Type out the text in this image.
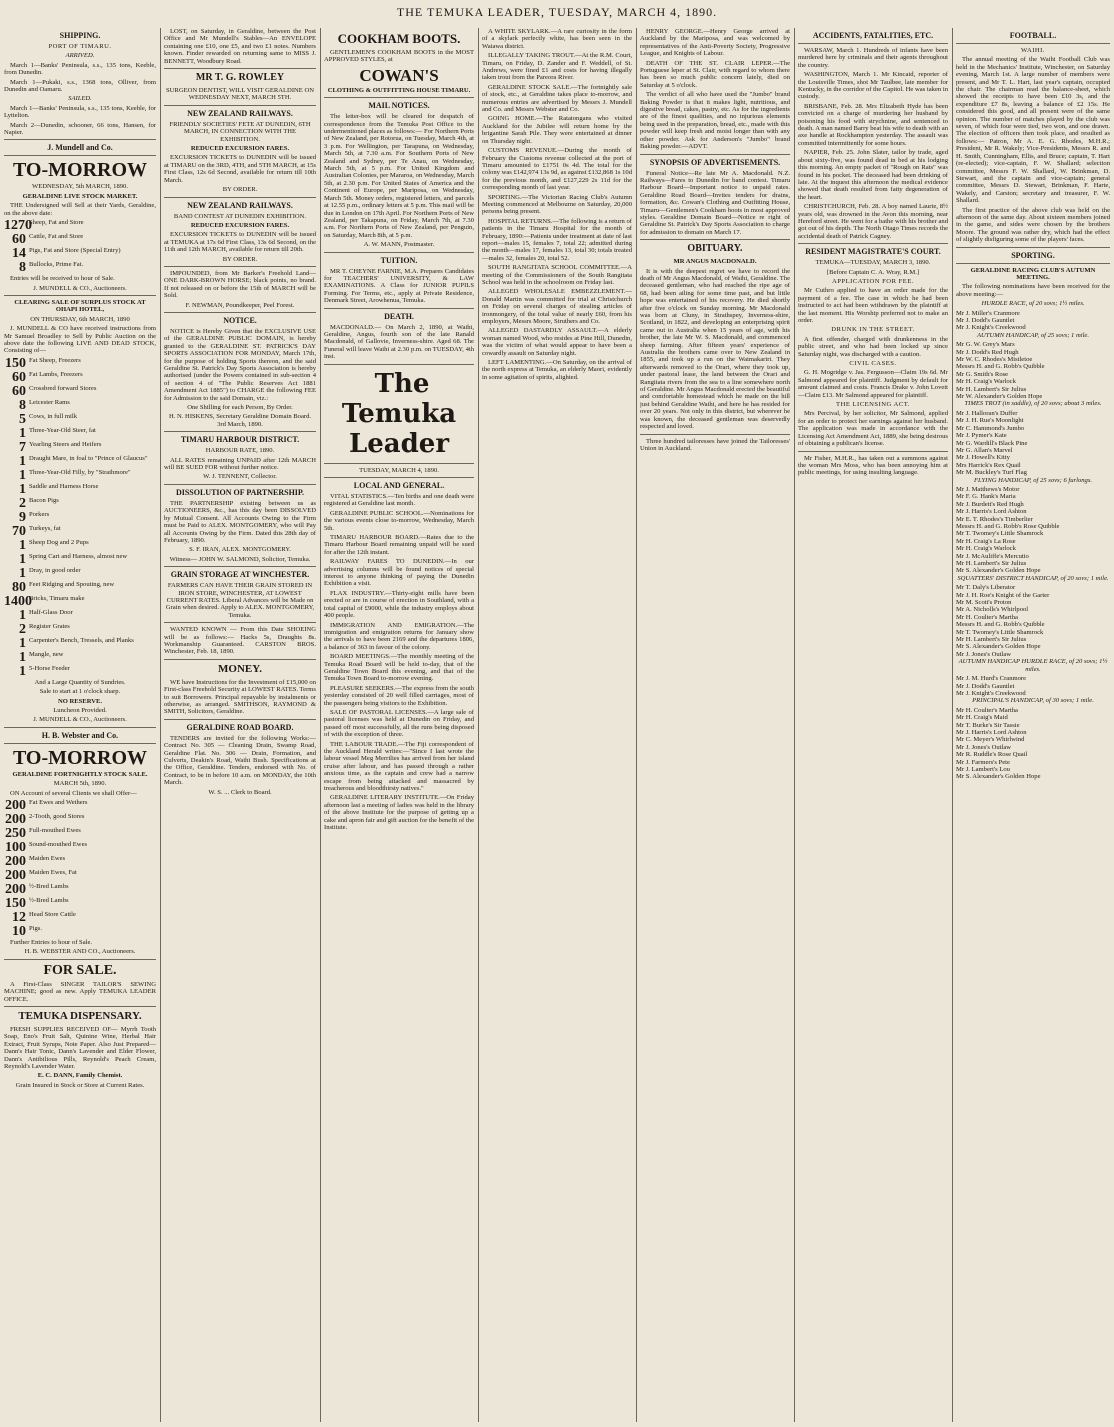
THE TEMUKA LEADER, TUESDAY, MARCH 4, 1890.

SHIPPING.

PORT OF TIMARU.

ARRIVED.

March 1—Banks' Peninsula, s.s., 135 tons, Keeble, from Dunedin.

March 1—Pukaki, s.s., 1368 tons, Olliver, from Dunedin and Oamaru.

SAILED.

March 1—Banks' Peninsula, s.s., 135 tons, Keeble, for Lyttelton.

March 2—Dunedin, schooner, 66 tons, Hansen, for Napier.

J. Mundell and Co.

TO-MORROW

WEDNESDAY, 5th MARCH, 1890.

GERALDINE LIVE STOCK MARKET.

THE Undersigned will Sell at their Yards, Geraldine, on the above date:

1270
Sheep, Fat and Store
60 Cattle, Fat and Store
14 Pigs, Fat and Store (Special Entry)
8 Bullocks, Prime Fat.

Entries will be received to hour of Sale.

J. MUNDELL & CO., Auctioneers.

CLEARING SALE OF SURPLUS STOCK AT OHAPI HOTEL,

ON THURSDAY, 6th MARCH, 1890

J. MUNDELL & CO have received instructions from Mr Samuel Broadley to Sell by Public Auction on the above date the following LIVE AND DEAD STOCK, Consisting of—

150 Fat Sheep, Freezers
60 Fat Lambs, Freezers
60 Crossbred forward Stores
8 Leicester Rams
5 Cows, in full milk
1 Three-Year-Old Steer, fat
7 Yearling Steers and Heifers
1 Draught Mare, in foal to "Prince of Glaucus"
1 Three-Year-Old Filly, by "Strathmore"
1 Saddle and Harness Horse
2 Bacon Pigs
9 Porkers
70 Turkeys, fat
1 Sheep Dog and 2 Pups
1 Spring Cart and Harness, almost new
1 Dray, in good order
80 Feet Ridging and Spouting, new
1400
Bricks, Timaru make
1 Half-Glass Door
2 Register Grates
1 Carpenter's Bench, Tressels, and Planks
1 Mangle, new
1 5-Horse Feeder

And a Large Quantity of Sundries.

Sale to start at 1 o'clock sharp.

NO RESERVE.

Luncheon Provided.

J. MUNDELL & CO., Auctioneers.

H. B. Webster and Co.

TO-MORROW

GERALDINE FORTNIGHTLY STOCK SALE.

MARCH 5th, 1890.

ON Account of several Clients we shall Offer—

200 Fat Ewes and Wethers
200 2-Tooth, good Stores
250 Full-mouthed Ewes
100 Sound-mouthed Ewes
200 Maiden Ewes
200 Maiden Ewes, Fat
200 ½-Bred Lambs
150 ½-Bred Lambs
12 Head Store Cattle
10 Pigs.

Further Entries to hour of Sale.

H. B. WEBSTER AND CO., Auctioneers.

FOR SALE.

A First-Class SINGER TAILOR'S SEWING MACHINE; good as new. Apply TEMUKA LEADER OFFICE.

TEMUKA DISPENSARY.

FRESH SUPPLIES RECEIVED OF— Myrrh Tooth Soap, Eno's Fruit Salt, Quinine Wine, Herbal Hair Extract, Fruit Syrups, Note Paper. Also Just Prepared— Dann's Hair Tonic, Dann's Lavender and Elder Flower, Dann's Antibilious Pills, Reynold's Peach Cream, Reynold's Lavender Water.

E. C. DANN, Family Chemist.

Grain Insured in Stock or Store at Current Rates.

LOST, on Saturday, in Geraldine, between the Post Office and Mr Mundell's Stables—An ENVELOPE containing one £10, one £5, and two £1 notes. Numbers known. Finder rewarded on returning same to MISS J. BENNETT, Woodbury Road.

MR T. G. ROWLEY

SURGEON DENTIST, WILL VISIT GERALDINE ON WEDNESDAY NEXT, MARCH 5TH.

NEW ZEALAND RAILWAYS.

FRIENDLY SOCIETIES' FETE AT DUNEDIN, 6TH MARCH, IN CONNECTION WITH THE EXHIBITION.

REDUCED EXCURSION FARES.

EXCURSION TICKETS to DUNEDIN will be issued at TIMARU on the 3RD, 4TH, and 5TH MARCH, at 15s First Class, 12s 6d Second, available for return till 10th March.

BY ORDER.

NEW ZEALAND RAILWAYS.

BAND CONTEST AT DUNEDIN EXHIBITION.

REDUCED EXCURSION FARES.

EXCURSION TICKETS to DUNEDIN will be issued at TEMUKA at 17s 6d First Class, 13s 6d Second, on the 11th and 12th MARCH, available for return till 20th.

BY ORDER.

IMPOUNDED, from Mr Barker's Freehold Land—ONE DARK-BROWN HORSE; black points, no brand. If not released on or before the 15th of MARCH will be Sold.

F. NEWMAN, Poundkeeper, Peel Forest.

NOTICE.

NOTICE is Hereby Given that the EXCLUSIVE USE of the GERALDINE PUBLIC DOMAIN, is hereby granted to the GERALDINE ST. PATRICK'S DAY SPORTS ASSOCIATION FOR MONDAY, March 17th, for the purpose of holding Sports thereon, and the said Geraldine St. Patrick's Day Sports Association is hereby authorised (under the Powers contained in sub-section 4 of section 4 of "The Public Reserves Act 1881 Amendment Act 1885") to CHARGE the following FEE for Admission to the said Domain, viz.:

One Shilling for each Person, By Order.

H. N. HISKENS, Secretary Geraldine Domain Board. 3rd March, 1890.

TIMARU HARBOUR DISTRICT.

HARBOUR RATE, 1890.

ALL RATES remaining UNPAID after 12th MARCH will BE SUED FOR without further notice.

W. J. TENNENT, Collector.

DISSOLUTION OF PARTNERSHIP.

THE PARTNERSHIP existing between us as AUCTIONEERS, &c., has this day been DISSOLVED by Mutual Consent. All Accounts Owing to the Firm must be Paid to ALEX. MONTGOMERY, who will Pay all Accounts Owing by the Firm. Dated this 28th day of February, 1890.

S. F. IRAN, ALEX. MONTGOMERY.

Witness— JOHN W. SALMOND, Solicitor, Temuka.

GRAIN STORAGE AT WINCHESTER.

FARMERS CAN HAVE THEIR GRAIN STORED IN IRON STORE, WINCHESTER, AT LOWEST CURRENT RATES. Liberal Advances will be Made on Grain when desired. Apply to ALEX. MONTGOMERY, Temuka.

WANTED KNOWN — From this Date SHOEING will be as follows:— Hacks 5s, Draughts 8s. Workmanship Guaranteed. CARSTON BROS. Winchester, Feb. 18, 1890.

MONEY.

WE have Instructions for the Investment of £15,000 on First-class Freehold Security at LOWEST RATES. Terms to suit Borrowers. Principal repayable by instalments or otherwise, as arranged. SMITHSON, RAYMOND & SMITH, Solicitors, Geraldine.

GERALDINE ROAD BOARD.

TENDERS are invited for the following Works:— Contract No. 305 — Cleaning Drain, Swamp Road, Geraldine Flat. No. 306 — Drain, Formation, and Culverts, Deakin's Road, Waihi Bush. Specifications at the Office, Geraldine. Tenders, endorsed with No. of Contract, to be in before 10 a.m. on MONDAY, the 10th March.

W. S. ... Clerk to Board.

COOKHAM BOOTS.

GENTLEMEN'S COOKHAM BOOTS in the MOST APPROVED STYLES, at

COWAN'S

CLOTHING & OUTFITTING HOUSE TIMARU.

MAIL NOTICES.

The letter-box will be cleared for despatch of correspondence from the Temuka Post Office to the undermentioned places as follows:— For Northern Ports of New Zealand, per Rotorua, on Tuesday, March 4th, at 3 p.m. For Wellington, per Tarapuna, on Wednesday, March 5th, at 7.30 a.m. For Southern Ports of New Zealand and Sydney, per Te Anau, on Wednesday, March 5th, at 5 p.m. For United Kingdom and Australian Colonies, per Mararoa, on Wednesday, March 5th, at 2.30 p.m. For United States of America and the Continent of Europe, per Mariposa, on Wednesday, March 5th. Money orders, registered letters, and parcels at 12.55 p.m., ordinary letters at 5 p.m. This mail will be due in London on 17th April. For Northern Ports of New Zealand, per Takapuna, on Friday, March 7th, at 7.30 a.m. For Northern Ports of New Zealand, per Penguin, on Saturday, March 8th, at 5 p.m.

A. W. MANN, Postmaster.

TUITION.

MR T. CHEYNE FARNIE, M.A. Prepares Candidates for TEACHERS' UNIVERSITY, & LAW EXAMINATIONS. A Class for JUNIOR PUPILS Forming. For Terms, etc., apply at Private Residence, Denmark Street, Arowhenua, Temuka.

DEATH.

MACDONALD.— On March 2, 1890, at Waihi, Geraldine, Angus, fourth son of the late Ranald Macdonald, of Gallovie, Inverness-shire. Aged 68. The Funeral will leave Waihi at 2.30 p.m. on TUESDAY, 4th inst.

The Temuka Leader

TUESDAY, MARCH 4, 1890.

LOCAL AND GENERAL.

VITAL STATISTICS.—Ten births and one death were registered at Geraldine last month.

GERALDINE PUBLIC SCHOOL.—Nominations for the various events close to-morrow, Wednesday, March 5th.

TIMARU HARBOUR BOARD.—Rates due to the Timaru Harbour Board remaining unpaid will be sued for after the 12th instant.

RAILWAY FARES TO DUNEDIN.—In our advertising columns will be found notices of special interest to anyone thinking of paying the Dunedin Exhibition a visit.

FLAX INDUSTRY.—Thirty-eight mills have been erected or are in course of erection in Southland, with a total capital of £9000, while the industry employs about 400 people.

IMMIGRATION AND EMIGRATION.—The immigration and emigration returns for January show the arrivals to have been 2169 and the departures 1806, a balance of 363 in favour of the colony.

BOARD MEETINGS.—The monthly meeting of the Temuka Road Board will be held to-day, that of the Geraldine Town Board this evening, and that of the Temuka Town Board to-morrow evening.

PLEASURE SEEKERS.—The express from the south yesterday consisted of 20 well filled carriages, most of the passengers being visitors to the Exhibition.

SALE OF PASTORAL LICENSES.—A large sale of pastoral licenses was held at Dunedin on Friday, and passed off most successfully, all the runs being disposed of with the exception of three.

THE LABOUR TRADE.—The Fiji correspondent of the Auckland Herald writes:—"Since I last wrote the labour vessel Meg Merrilies has arrived from her island cruise after labour, and has passed through a rather anxious time, as the captain and crew had a narrow escape from being attacked and massacred by treacherous and bloodthirsty natives."

GERALDINE LITERARY INSTITUTE.—On Friday afternoon last a meeting of ladies was held in the library of the above Institute for the purpose of getting up a cake and apron fair and gift auction for the benefit of the Institute.

A WHITE SKYLARK.—A rare curiosity in the form of a skylark perfectly white, has been seen in the Waiawa district.

ILLEGALLY TAKING TROUT.—At the R.M. Court, Timaru, on Friday, D. Zander and F. Weddell, of St. Andrews, were fined £1 and costs for having illegally taken trout from the Pareora River.

GERALDINE STOCK SALE.—The fortnightly sale of stock, etc., at Geraldine takes place to-morrow, and numerous entries are advertised by Messrs J. Mundell and Co. and Messrs Webster and Co.

GOING HOME.—The Ratatongans who visited Auckland for the Jubilee will return home by the brigantine Sarah Pile. They were entertained at dinner on Thursday night.

CUSTOMS REVENUE.—During the month of February the Customs revenue collected at the port of Timaru amounted to £1751 0s 4d. The total for the colony was £142,974 13s 9d, as against £132,868 1s 10d for the previous month, and £127,229 2s 11d for the corresponding month of last year.

SPORTING.—The Victorian Racing Club's Autumn Meeting commenced at Melbourne on Saturday, 20,000 persons being present.

HOSPITAL RETURNS.—The following is a return of patients in the Timaru Hospital for the month of February, 1890:—Patients under treatment at date of last report—males 15, females 7, total 22; admitted during the month—males 17, females 13, total 30; totals treated—males 32, females 20, total 52.

SOUTH RANGITATA SCHOOL COMMITTEE.—A meeting of the Commissioners of the South Rangitata School was held in the schoolroom on Friday last.

ALLEGED WHOLESALE EMBEZZLEMENT.—Donald Martin was committed for trial at Christchurch on Friday on several charges of stealing articles of ironmongery, of the total value of nearly £60, from his employers, Messrs Moore, Struthers and Co.

ALLEGED DASTARDLY ASSAULT.—A elderly woman named Wood, who resides at Pine Hill, Dunedin, was the victim of what would appear to have been a cowardly assault on Saturday night.

LEFT LAMENTING.—On Saturday, on the arrival of the north express at Temuka, an elderly Maori, evidently in some agitation of spirits, alighted.

HENRY GEORGE.—Henry George arrived at Auckland by the Mariposa, and was welcomed by representatives of the Anti-Poverty Society, Progressive League, and Knights of Labour.

DEATH OF THE ST. CLAIR LEPER.—The Portuguese leper at St. Clair, with regard to whom there has been so much public concern lately, died on Saturday at 5 o'clock.

The verdict of all who have used the "Jumbo" brand Baking Powder is that it makes light, nutritious, and digestive bread, cakes, pastry, etc. As for the ingredients are of the finest qualities, and no injurious elements being used in the preparation, bread, etc., made with this powder will keep fresh and moist longer than with any other powder. Ask for Anderson's "Jumbo" brand Baking powder.—ADVT.

SYNOPSIS OF ADVERTISEMENTS.

Funeral Notice—Re late Mr A. Macdonald. N.Z. Railways—Fares to Dunedin for band contest. Timaru Harbour Board—Important notice to unpaid rates. Geraldine Road Board—Invites tenders for drains, formation, &c. Cowan's Clothing and Outfitting House, Timaru—Gentlemen's Cookham boots in most approved styles. Geraldine Domain Board—Notice re right of Geraldine St. Patrick's Day Sports Association to charge for admission to domain on March 17.

OBITUARY.

MR ANGUS MACDONALD.

It is with the deepest regret we have to record the death of Mr Angus Macdonald, of Waihi, Geraldine. The deceased gentleman, who had reached the ripe age of 68, had been ailing for some time past, and but little hope was entertained of his recovery. He died shortly after five o'clock on Sunday morning. Mr Macdonald was born at Cluny, in Strathspey, Inverness-shire, Scotland, in 1822, and developing an enterprising spirit came out to Australia when 15 years of age, with his brother, the late Mr W. S. Macdonald, and commenced sheep farming. After fifteen years' experience of Australia the brothers came over to New Zealand in 1855, and took up a run on the Waimakariri. They afterwards removed to the Orari, where they took up, under pastoral lease, the land between the Orari and Rangitata rivers from the sea to a line somewhere north of Geraldine. Mr Angus Macdonald erected the beautiful and comfortable homestead which he made on the hill just behind Geraldine Waihi, and here he has resided for over 20 years. Not only in this district, but wherever he was known, the deceased gentleman was deservedly respected and loved.

Three hundred tailoresses have joined the Tailoresses' Union in Auckland.

ACCIDENTS, FATALITIES, ETC.

WARSAW, March 1. Hundreds of infants have been murdered here by criminals and their agents throughout the country.

WASHINGTON, March 1. Mr Kincaid, reporter of the Louisville Times, shot Mr Taulbee, late member for Kentucky, in the corridor of the Capitol. He was taken in custody.

BRISBANE, Feb. 28. Mrs Elizabeth Hyde has been convicted on a charge of murdering her husband by poisoning his food with strychnine, and sentenced to death. A man named Barry beat his wife to death with an axe handle at Rockhampton yesterday. The assault was committed intermittently for some hours.

NAPIER, Feb. 25. John Slater, tailor by trade, aged about sixty-five, was found dead in bed at his lodging this morning. An empty packet of "Rough on Rats" was found in his pocket. The deceased had been drinking of late. At the inquest this afternoon the medical evidence showed that death resulted from fatty degeneration of the heart.

CHRISTCHURCH, Feb. 28. A boy named Laurie, 8½ years old, was drowned in the Avon this morning, near Hereford street. He went for a bathe with his brother and got out of his depth. The North Otago Times records the accidental death of Patrick Cagney.

RESIDENT MAGISTRATE'S COURT.

TEMUKA—TUESDAY, MARCH 3, 1890.

[Before Captain C. A. Wray, R.M.]

APPLICATION FOR FEE.

Mr Cuthro applied to have an order made for the payment of a fee. The case in which he had been instructed to act had been withdrawn by the plaintiff at the last moment. His Worship preferred not to make an order.

DRUNK IN THE STREET.

A first offender, charged with drunkenness in the public street, and who had been locked up since Saturday night, was discharged with a caution.

CIVIL CASES.

G. H. Mogridge v. Jas. Fergusson—Claim 19s 6d. Mr Salmond appeared for plaintiff. Judgment by default for amount claimed and costs. Francis Drake v. John Lovett—Claim £13. Mr Salmond appeared for plaintiff.

THE LICENSING ACT.

Mrs Percival, by her solicitor, Mr Salmond, applied for an order to protect her earnings against her husband. The application was made in accordance with the Licensing Act Amendment Act, 1889, she being desirous of obtaining a publican's license.

Mr Fisher, M.H.R., has taken out a summons against the woman Mrs Moss, who has been annoying him at public meetings, for using insulting language.

FOOTBALL.

WAIHI.

The annual meeting of the Waihi Football Club was held in the Mechanics' Institute, Winchester, on Saturday evening, March 1st. A large number of members were present, and Mr T. L. Hart, last year's captain, occupied the chair. The chairman read the balance-sheet, which showed the receipts to have been £10 3s, and the expenditure £7 8s, leaving a balance of £2 15s. He considered this good, and all present were of the same opinion. The number of matches played by the club was seven, of which four were tied, two won, and one drawn. The election of officers then took place, and resulted as follows:— Patron, Mr A. E. G. Rhodes, M.H.R.; President, Mr R. Wakely; Vice-Presidents, Messrs R. and H. Smith, Cunningham, Ellis, and Bruce; captain, T. Hart (re-elected); vice-captain, F. W. Shallard; selection committee, Messrs F. W. Shallard, W. Brinkman, D. Stewart, and the captain and vice-captain; general committee, Messrs D. Stewart, Brinkman, F. Harte, Wakely, and Carston; secretary and treasurer, F. W. Shallard.

The first practice of the above club was held on the afternoon of the same day. About sixteen members joined in the game, and sides were chosen by the brothers Moore. The ground was rather dry, which had the effect of slightly disfiguring some of the players' faces.

SPORTING.

GERALDINE RACING CLUB'S AUTUMN MEETING.

The following nominations have been received for the above meeting:—

HURDLE RACE, of 20 sovs; 1½ miles.

Mr J. Miller's Cranmore

Mr J. Dodd's Gauntlet

Mr J. Knight's Creekwood

AUTUMN HANDICAP, of 25 sovs; 1 mile.

Mr G. W. Grey's Mars

Mr J. Dodd's Red Hugh

Mr W. C. Rhodes's Mistletoe

Messrs H. and G. Robb's Quibble

Mr G. Smith's Rose

Mr H. Craig's Warlock

Mr H. Lambert's Sir Julius

Mr W. Alexander's Golden Hope

TIMES TROT (in saddle), of 20 sovs; about 3 miles.

Mr J. Halloran's Duffer

Mr J. H. Rue's Moonlight

Mr C. Hammond's Jumbo

Mr J. Pymer's Kate

Mr G. Wardill's Black Pine

Mr G. Allan's Marvel

Mr J. Howell's Kitty

Mrs Harrick's Rex Quail

Mr M. Buckley's Turf Flag

FLYING HANDICAP, of 25 sovs; 6 furlongs.

Mr J. Matthews's Motor

Mr F. G. Hank's Maria

Mr J. Burdett's Red Hugh

Mr J. Harris's Lord Ashton

Mr E. T. Rhodes's Timberlier

Messrs H. and G. Robb's Rose Quibble

Mr T. Twomey's Little Shamrock

Mr H. Craig's La Rose

Mr H. Craig's Warlock

Mr J. McAuliffe's Mercutio

Mr H. Lambert's Sir Julius

Mr S. Alexander's Golden Hope

SQUATTERS' DISTRICT HANDICAP, of 20 sovs; 1 mile.

Mr T. Daly's Liberator

Mr J. H. Roe's Knight of the Garter

Mr M. Scott's Proton

Mr A. Nicholls's Whirlpool

Mr H. Coulter's Martha

Messrs H. and G. Robb's Quibble

Mr T. Twomey's Little Shamrock

Mr H. Lambert's Sir Julius

Mr S. Alexander's Golden Hope

Mr J. Jones's Outlaw

AUTUMN HANDICAP HURDLE RACE, of 20 sovs; 1½ miles.

Mr J. M. Hurd's Cranmore

Mr J. Dodd's Gauntlet

Mr J. Knight's Creekwood

PRINCIPAL'S HANDICAP, of 30 sovs; 1 mile.

Mr H. Coulter's Martha

Mr H. Craig's Maid

Mr T. Burke's Sir Tassie

Mr J. Harris's Lord Ashton

Mr C. Meyer's Whirlwind

Mr J. Jones's Outlaw

Mr R. Ruddle's Rose Quail

Mr J. Farmers's Pete

Mr J. Lambert's Lou

Mr S. Alexander's Golden Hope
